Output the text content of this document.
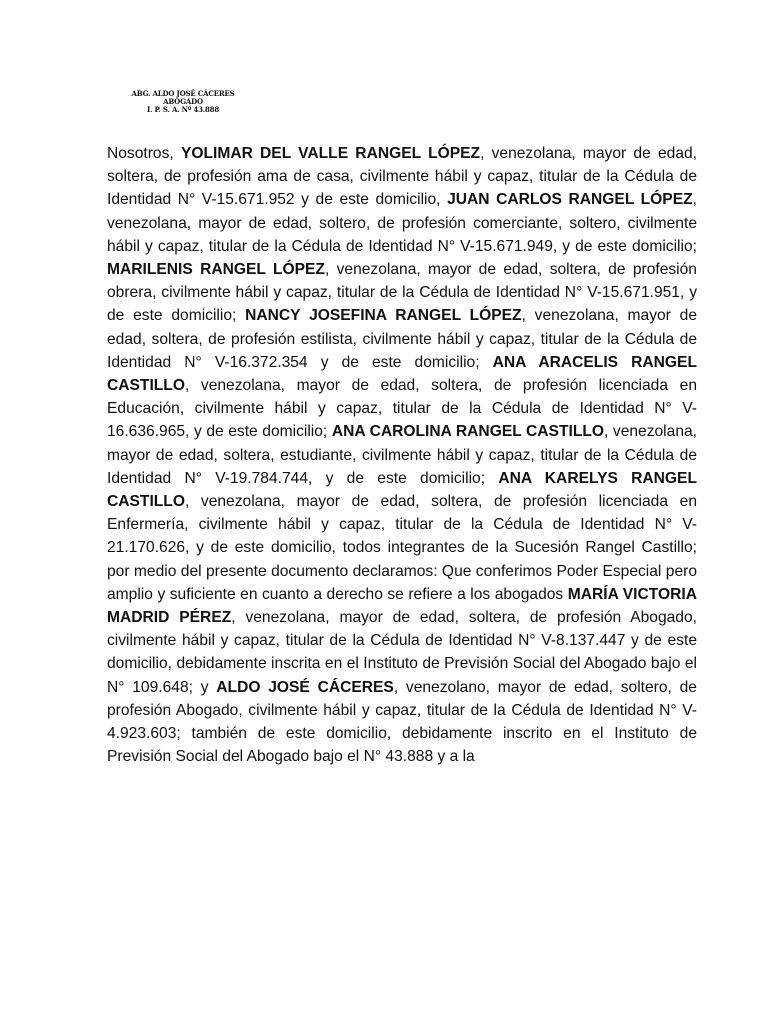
ABG. ALDO JOSÉ CÁCERES
ABOGADO
I. P. S. A. Nº 43.888

Nosotros, YOLIMAR DEL VALLE RANGEL LÓPEZ, venezolana, mayor de edad, soltera, de profesión ama de casa, civilmente hábil y capaz, titular de la Cédula de Identidad N° V-15.671.952 y de este domicilio, JUAN CARLOS RANGEL LÓPEZ, venezolana, mayor de edad, soltero, de profesión comerciante, soltero, civilmente hábil y capaz, titular de la Cédula de Identidad N° V-15.671.949, y de este domicilio; MARILENIS RANGEL LÓPEZ, venezolana, mayor de edad, soltera, de profesión obrera, civilmente hábil y capaz, titular de la Cédula de Identidad N° V-15.671.951, y de este domicilio; NANCY JOSEFINA RANGEL LÓPEZ, venezolana, mayor de edad, soltera, de profesión estilista, civilmente hábil y capaz, titular de la Cédula de Identidad N° V-16.372.354 y de este domicilio; ANA ARACELIS RANGEL CASTILLO, venezolana, mayor de edad, soltera, de profesión licenciada en Educación, civilmente hábil y capaz, titular de la Cédula de Identidad N° V-16.636.965, y de este domicilio; ANA CAROLINA RANGEL CASTILLO, venezolana, mayor de edad, soltera, estudiante, civilmente hábil y capaz, titular de la Cédula de Identidad N° V-19.784.744, y de este domicilio; ANA KARELYS RANGEL CASTILLO, venezolana, mayor de edad, soltera, de profesión licenciada en Enfermería, civilmente hábil y capaz, titular de la Cédula de Identidad N° V-21.170.626, y de este domicilio, todos integrantes de la Sucesión Rangel Castillo; por medio del presente documento declaramos: Que conferimos Poder Especial pero amplio y suficiente en cuanto a derecho se refiere a los abogados MARÍA VICTORIA MADRID PÉREZ, venezolana, mayor de edad, soltera, de profesión Abogado, civilmente hábil y capaz, titular de la Cédula de Identidad N° V-8.137.447 y de este domicilio, debidamente inscrita en el Instituto de Previsión Social del Abogado bajo el N° 109.648; y ALDO JOSÉ CÁCERES, venezolano, mayor de edad, soltero, de profesión Abogado, civilmente hábil y capaz, titular de la Cédula de Identidad N° V-4.923.603; también de este domicilio, debidamente inscrito en el Instituto de Previsión Social del Abogado bajo el N° 43.888 y a la
